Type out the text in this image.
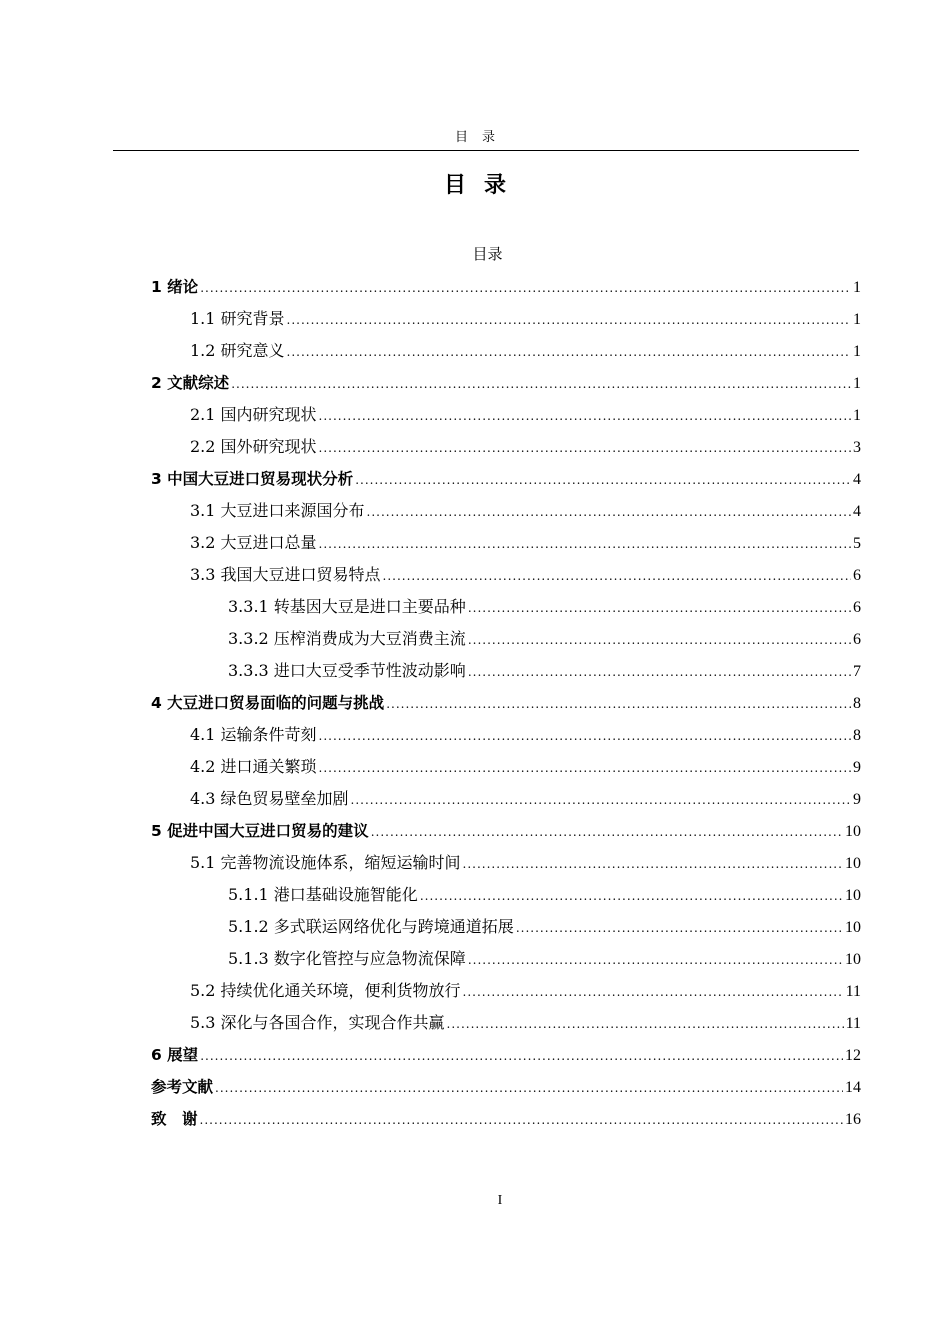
目录
目录
目录
1 绪论 .....	1
1.1 研究背景 .....	1
1.2 研究意义 .....	1
2 文献综述 .....	1
2.1 国内研究现状 .....	1
2.2 国外研究现状 .....	3
3 中国大豆进口贸易现状分析 .....	4
3.1 大豆进口来源国分布 .....	4
3.2 大豆进口总量 .....	5
3.3 我国大豆进口贸易特点 .....	6
3.3.1 转基因大豆是进口主要品种 .....	6
3.3.2 压榨消费成为大豆消费主流 .....	6
3.3.3 进口大豆受季节性波动影响 .....	7
4 大豆进口贸易面临的问题与挑战 .....	8
4.1 运输条件苛刻 .....	8
4.2 进口通关繁琐 .....	9
4.3 绿色贸易壁垒加剧 .....	9
5 促进中国大豆进口贸易的建议 .....	10
5.1 完善物流设施体系，缩短运输时间 .....	10
5.1.1 港口基础设施智能化 .....	10
5.1.2 多式联运网络优化与跨境通道拓展 .....	10
5.1.3 数字化管控与应急物流保障 .....	10
5.2 持续优化通关环境，便利货物放行 .....	11
5.3 深化与各国合作，实现合作共赢 .....	11
6 展望 .....	12
参考文献 .....	14
致　谢 .....	16
I
